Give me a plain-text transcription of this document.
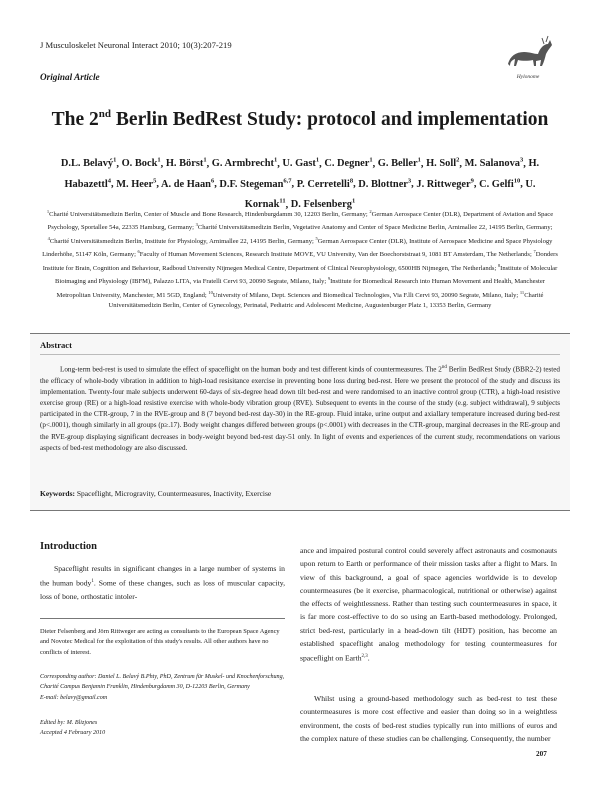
J Musculoskelet Neuronal Interact 2010; 10(3):207-219
Original Article	Hylonome
The 2nd Berlin BedRest Study: protocol and implementation
D.L. Belavý$^1$, O. Bock$^1$, H. Börst$^1$, G. Armbrecht$^1$, U. Gast$^1$, C. Degner$^1$, G. Beller$^1$, H. Soll$^2$, M. Salanova$^3$, H. Habazettl$^4$, M. Heer$^5$, A. de Haan$^6$, D.F. Stegeman$^{6,7}$, P. Cerretelli$^8$, D. Blottner$^3$, J. Rittweger$^9$, C. Gelfi$^{10}$, U. Kornak$^{11}$, D. Felsenberg$^1$
$^1$Charité Universitätsmedizin Berlin, Center of Muscle and Bone Research, Hindenburgdamm 30, 12203 Berlin, Germany; $^2$German Aerospace Center (DLR), Department of Aviation and Space Psychology, Sportallee 54a, 22335 Hamburg, Germany; $^3$Charité Universitätsmedizin Berlin, Vegetative Anatomy and Center of Space Medicine Berlin, Arnimallee 22, 14195 Berlin, Germany; $^4$Charité Universitätsmedizin Berlin, Institute for Physiology, Arnimallee 22, 14195 Berlin, Germany; $^5$German Aerospace Center (DLR), Institute of Aerospace Medicine and Space Physiology Linderhöhe, 51147 Köln, Germany; $^6$Faculty of Human Movement Sciences, Research Institute MOVE, VU University, Van der Boechorststraat 9, 1081 BT Amsterdam, The Netherlands; $^7$Donders Institute for Brain, Cognition and Behaviour, Radboud University Nijmegen Medical Centre, Department of Clinical Neurophysiology, 6500HB Nijmegen, The Netherlands; $^8$Institute of Molecular Bioimaging and Physiology (IBFM), Palazzo LITA, via Fratelli Cervi 93, 20090 Segrate, Milano, Italy; $^9$Institute for Biomedical Research into Human Movement and Health, Manchester Metropolitan University, Manchester, M1 5GD, England; $^{10}$University of Milano, Dept. Sciences and Biomedical Technologies, Via F.lli Cervi 93, 20090 Segrate, Milano, Italy; $^{11}$Charité Universitätsmedizin Berlin, Center of Gynecology, Perinatal, Pediatric and Adolescent Medicine, Augustenburger Platz 1, 13353 Berlin, Germany
Abstract

Long-term bed-rest is used to simulate the effect of spaceflight on the human body and test different kinds of countermeasures. The 2nd Berlin BedRest Study (BBR2-2) tested the efficacy of whole-body vibration in addition to high-load resisitance exercise in preventing bone loss during bed-rest. Here we present the protocol of the study and discuss its implementation. Twenty-four male subjects underwent 60-days of six-degree head down tilt bed-rest and were randomised to an inactive control group (CTR), a high-load resistive exercise group (RE) or a high-load resistive exercise with whole-body vibration group (RVE). Subsequent to events in the course of the study (e.g. subject withdrawal), 9 subjects participated in the CTR-group, 7 in the RVE-group and 8 (7 beyond bed-rest day-30) in the RE-group. Fluid intake, urine output and axiallary temperature increased during bed-rest (p<.0001), though similarly in all groups (p≥.17). Body weight changes differed between groups (p<.0001) with decreases in the CTR-group, marginal decreases in the RE-group and the RVE-group displaying significant decreases in body-weight beyond bed-rest day-51 only. In light of events and experiences of the current study, recommendations on various aspects of bed-rest methodology are also discussed.

Keywords: Spaceflight, Microgravity, Countermeasures, Inactivity, Exercise
Introduction

Spaceflight results in significant changes in a large number of systems in the human body$^1$. Some of these changes, such as loss of muscular capacity, loss of bone, orthostatic intoler-

Dieter Felsenberg and Jörn Rittweger are acting as consultants to the European Space Agency and Novotec Medical for the exploitation of this study's results. All other authors have no conflicts of interest.

Corresponding author: Daniel L. Belavý B.Phty, PhD, Zentrum für Muskel- und Knochenforschung, Charité Campus Benjamin Franklin, Hindenburgdamm 30, D-12203 Berlin, Germany
E-mail: belavy@gmail.com
Edited by: M. Blizjones
Accepted 4 February 2010

ance and impaired postural control could severely affect astronauts and cosmonauts upon return to Earth or performance of their mission tasks after a flight to Mars. In view of this background, a goal of space agencies worldwide is to develop countermeasures (be it exercise, pharmacological, nutritional or otherwise) against the effects of weightlessness. Rather than testing such countermeasures in space, it is far more cost-effective to do so using an Earth-based methodology. Prolonged, strict bed-rest, particularly in a head-down tilt (HDT) position, has become an established spaceflight analog methodology for testing countermeasures for spaceflight on Earth$^{2,3}$.

Whilst using a ground-based methodology such as bed-rest to test these countermeasures is more cost effective and easier than doing so in a weightless environment, the costs of bed-rest studies typically run into millions of euros and the complex nature of these studies can be challenging. Consequently, the number

207
